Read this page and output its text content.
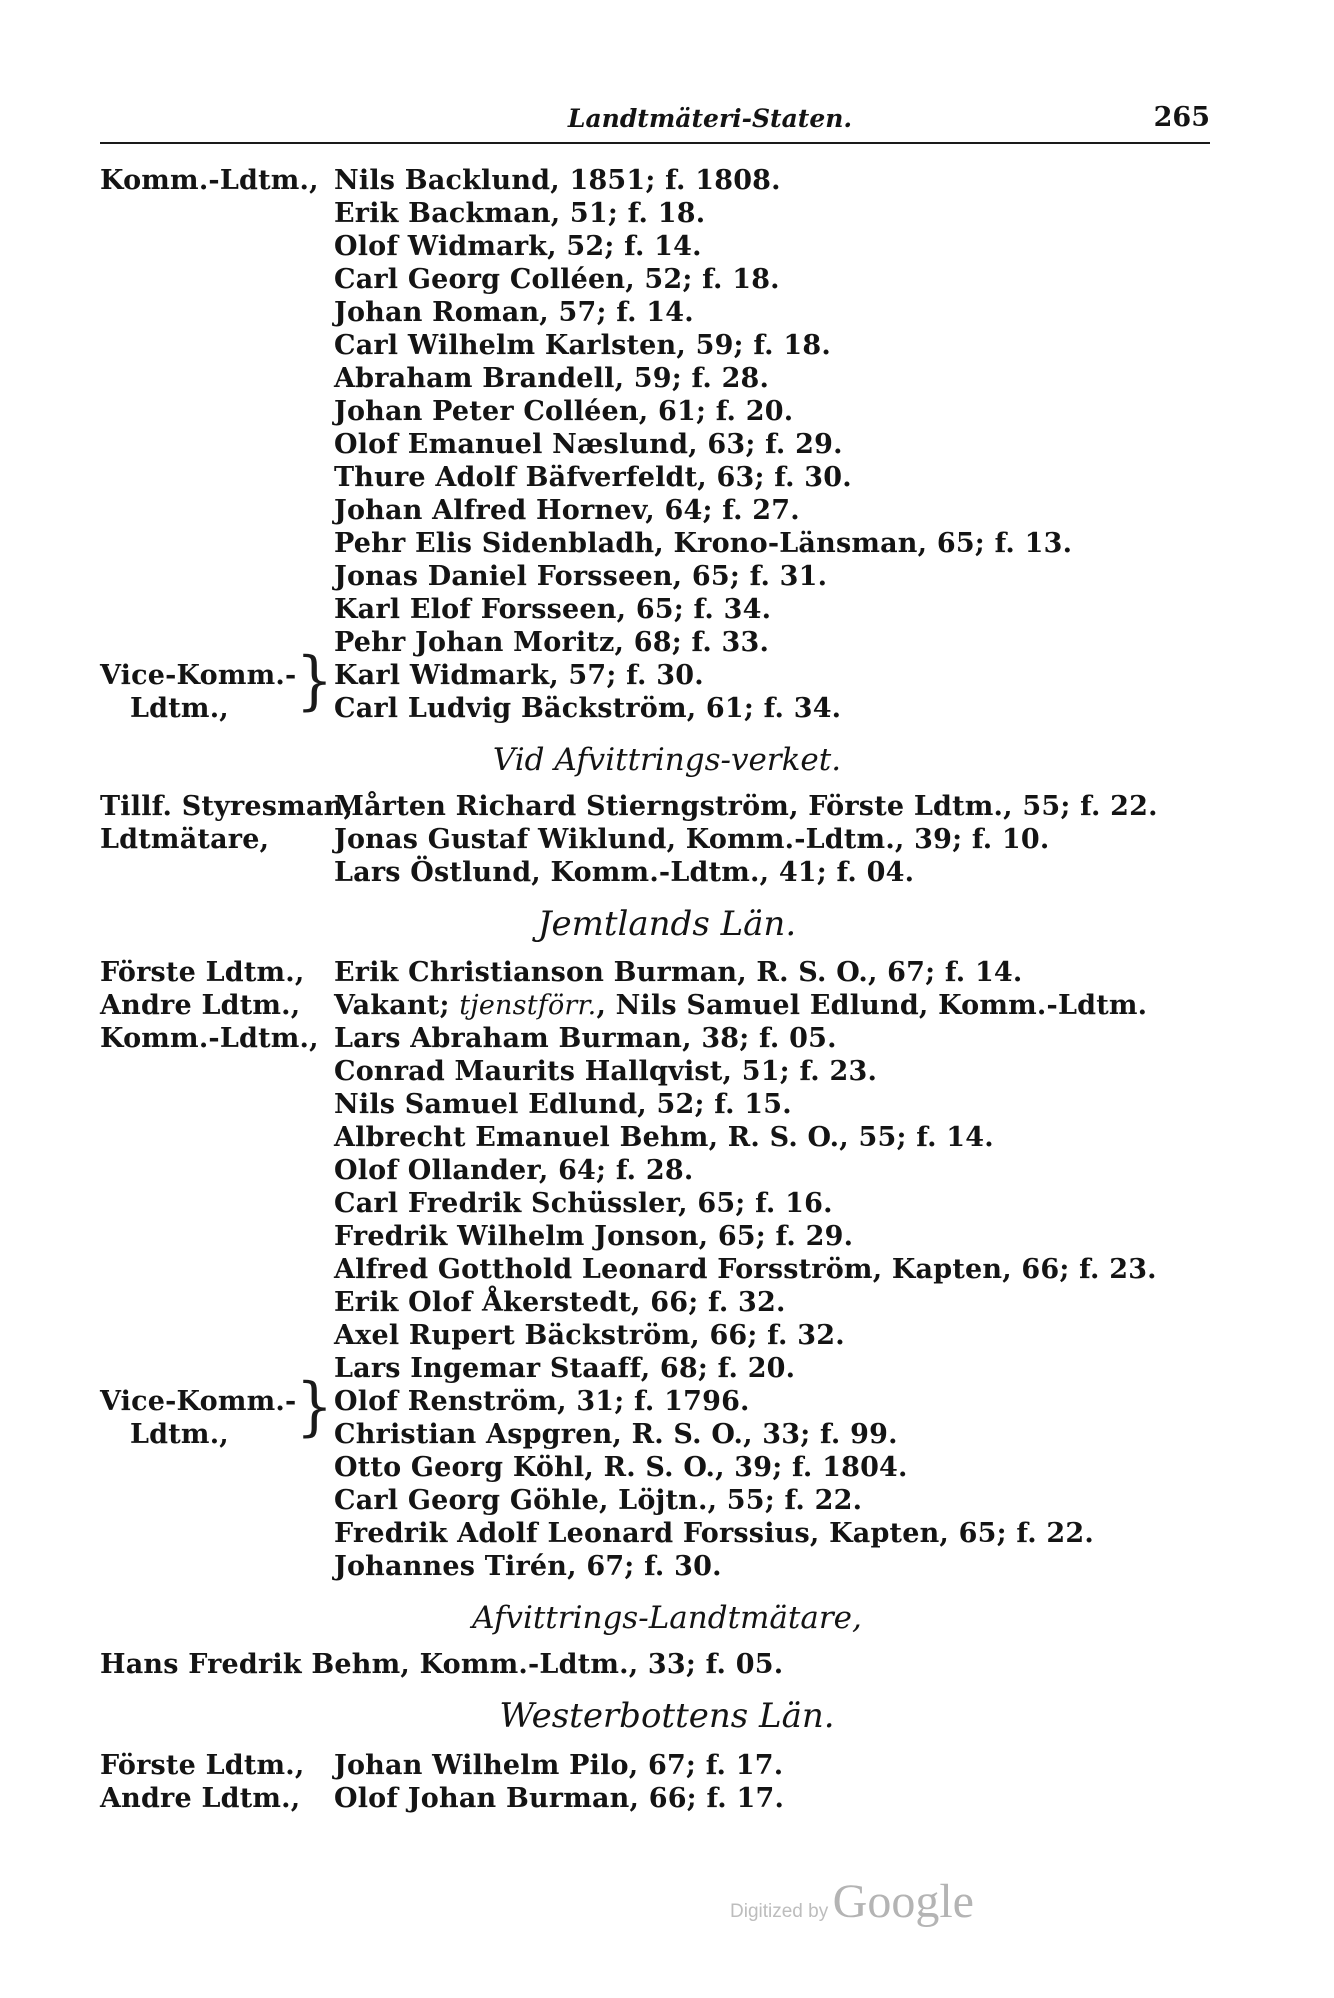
Landtmäteri-Staten.	265
Komm.-Ldtm., Nils Backlund, 1851; f. 1808.
Erik Backman, 51; f. 18.
Olof Widmark, 52; f. 14.
Carl Georg Colléen, 52; f. 18.
Johan Roman, 57; f. 14.
Carl Wilhelm Karlsten, 59; f. 18.
Abraham Brandell, 59; f. 28.
Johan Peter Colléen, 61; f. 20.
Olof Emanuel Næslund, 63; f. 29.
Thure Adolf Bäfverfeldt, 63; f. 30.
Johan Alfred Hornev, 64; f. 27.
Pehr Elis Sidenbladh, Krono-Länsman, 65; f. 13.
Jonas Daniel Forsseen, 65; f. 31.
Karl Elof Forsseen, 65; f. 34.
Pehr Johan Moritz, 68; f. 33.
Vice-Komm.-
Ldtm., } Karl Widmark, 57; f. 30.
Carl Ludvig Bäckström, 61; f. 34.
Vid Afvittrings-verket.
Tillf. Styresman,
Mårten Richard Stierngström, Förste Ldtm., 55; f. 22.
Ldtmätare, Jonas Gustaf Wiklund, Komm.-Ldtm., 39; f. 10.
Lars Östlund, Komm.-Ldtm., 41; f. 04.
Jemtlands Län.
Förste Ldtm., Erik Christianson Burman, R. S. O., 67; f. 14.
Andre Ldtm., Vakant; tjenstförr., Nils Samuel Edlund, Komm.-Ldtm.
Komm.-Ldtm., Lars Abraham Burman, 38; f. 05.
Conrad Maurits Hallqvist, 51; f. 23.
Nils Samuel Edlund, 52; f. 15.
Albrecht Emanuel Behm, R. S. O., 55; f. 14.
Olof Ollander, 64; f. 28.
Carl Fredrik Schüssler, 65; f. 16.
Fredrik Wilhelm Jonson, 65; f. 29.
Alfred Gotthold Leonard Forsström, Kapten, 66; f. 23.
Erik Olof Åkerstedt, 66; f. 32.
Axel Rupert Bäckström, 66; f. 32.
Lars Ingemar Staaff, 68; f. 20.
Vice-Komm.-
Ldtm., } Olof Renström, 31; f. 1796.
Christian Aspgren, R. S. O., 33; f. 99.
Otto Georg Köhl, R. S. O., 39; f. 1804.
Carl Georg Göhle, Löjtn., 55; f. 22.
Fredrik Adolf Leonard Forssius, Kapten, 65; f. 22.
Johannes Tirén, 67; f. 30.
Afvittrings-Landtmätare,
Hans Fredrik Behm, Komm.-Ldtm., 33; f. 05.
Westerbottens Län.
Förste Ldtm., Johan Wilhelm Pilo, 67; f. 17.
Andre Ldtm., Olof Johan Burman, 66; f. 17.
Digitized by Google
